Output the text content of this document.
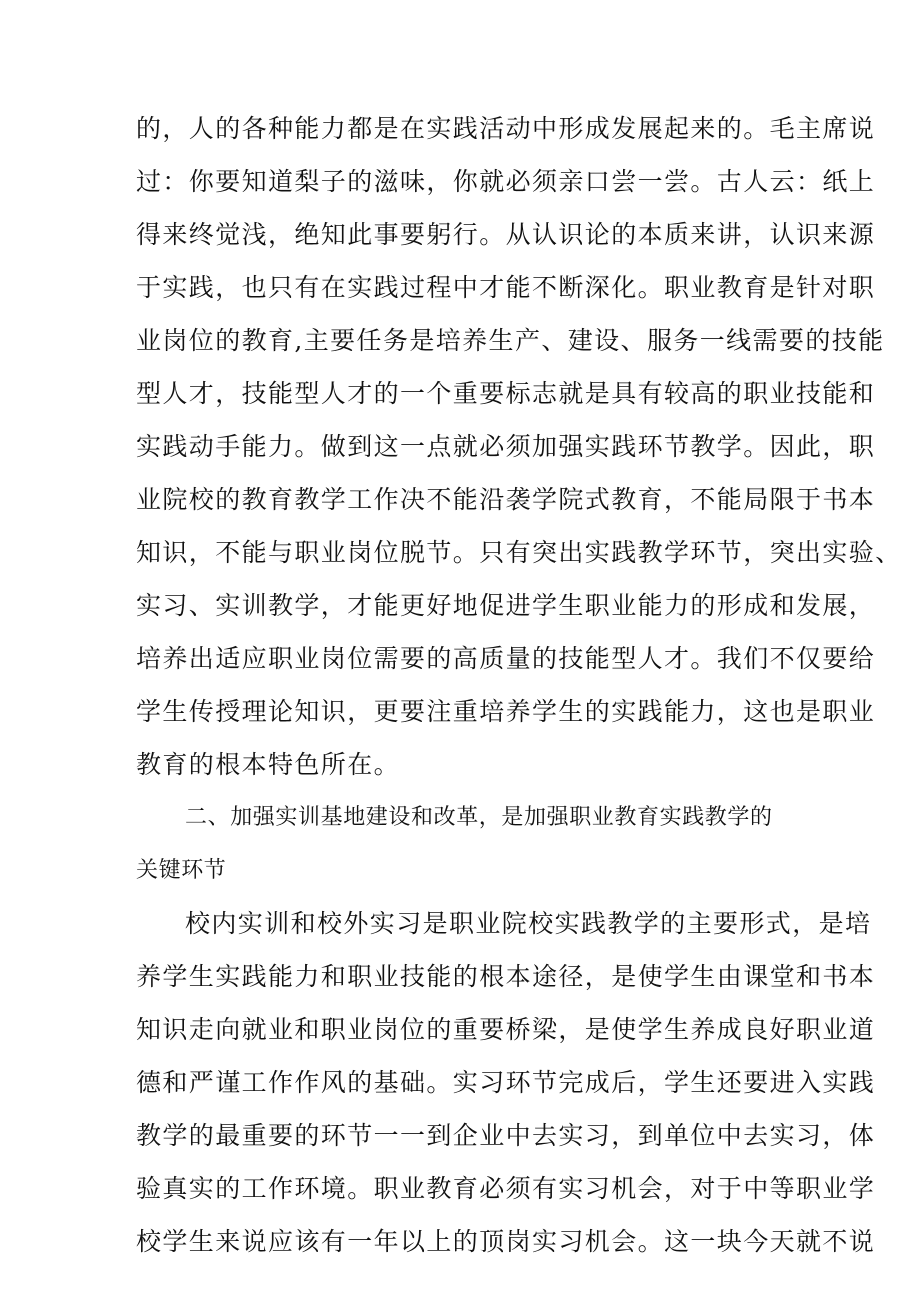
的，人的各种能力都是在实践活动中形成发展起来的。毛主席说
过：你要知道梨子的滋味，你就必须亲口尝一尝。古人云：纸上
得来终觉浅，绝知此事要躬行。从认识论的本质来讲，认识来源
于实践，也只有在实践过程中才能不断深化。职业教育是针对职
业岗位的教育,主要任务是培养生产、建设、服务一线需要的技能
型人才，技能型人才的一个重要标志就是具有较高的职业技能和
实践动手能力。做到这一点就必须加强实践环节教学。因此，职
业院校的教育教学工作决不能沿袭学院式教育，不能局限于书本
知识，不能与职业岗位脱节。只有突出实践教学环节，突出实验、
实习、实训教学，才能更好地促进学生职业能力的形成和发展，
培养出适应职业岗位需要的高质量的技能型人才。我们不仅要给
学生传授理论知识，更要注重培养学生的实践能力，这也是职业
教育的根本特色所在。
二、加强实训基地建设和改革，是加强职业教育实践教学的
关键环节
校内实训和校外实习是职业院校实践教学的主要形式，是培
养学生实践能力和职业技能的根本途径，是使学生由课堂和书本
知识走向就业和职业岗位的重要桥梁，是使学生养成良好职业道
德和严谨工作作风的基础。实习环节完成后，学生还要进入实践
教学的最重要的环节一一到企业中去实习，到单位中去实习，体
验真实的工作环境。职业教育必须有实习机会，对于中等职业学
校学生来说应该有一年以上的顶岗实习机会。这一块今天就不说
